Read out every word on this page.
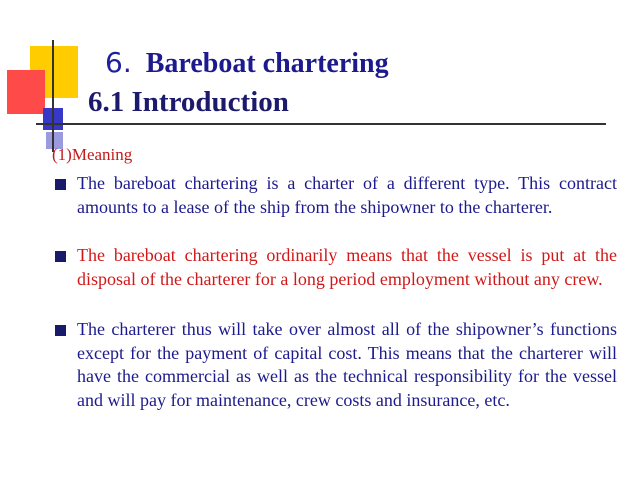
6. Bareboat chartering
6.1 Introduction
(1)Meaning
The bareboat chartering is a charter of a different type. This contract amounts to a lease of the ship from the shipowner to the charterer.
The bareboat chartering ordinarily means that the vessel is put at the disposal of the charterer for a long period employment without any crew.
The charterer thus will take over almost all of the shipowner’s functions except for the payment of capital cost. This means that the charterer will have the commercial as well as the technical responsibility for the vessel and will pay for maintenance, crew costs and insurance, etc.
